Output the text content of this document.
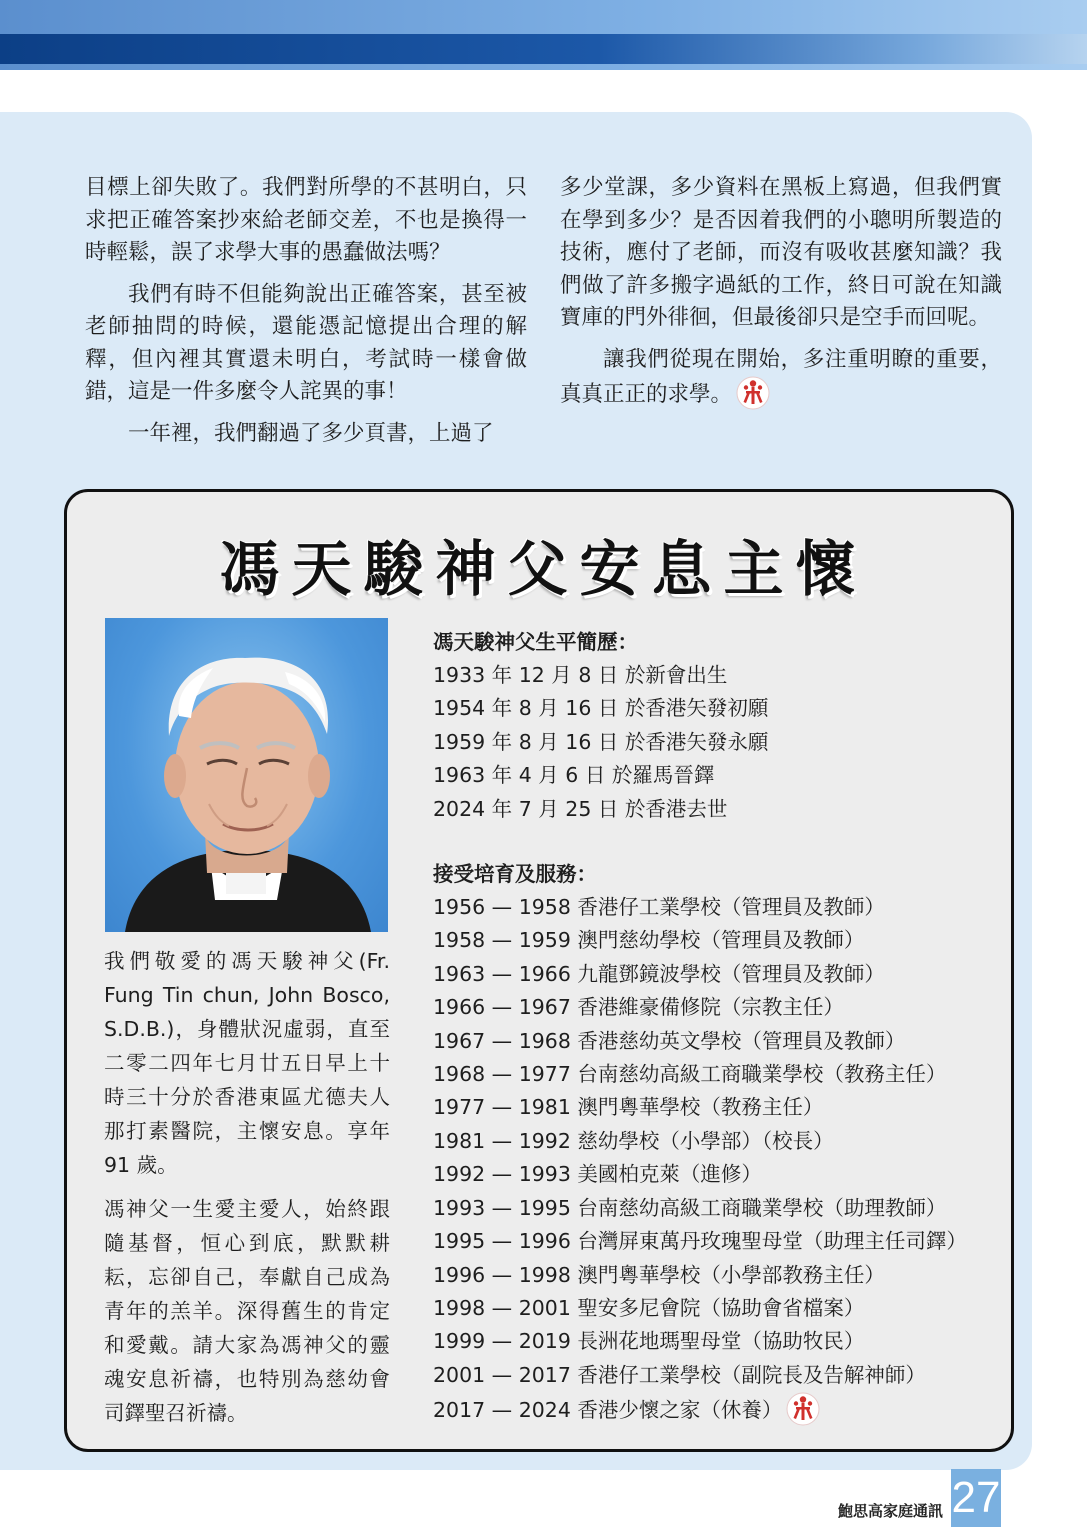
目標上卻失敗了。我們對所學的不甚明白，只求把正確答案抄來給老師交差，不也是換得一時輕鬆，誤了求學大事的愚蠢做法嗎？

我們有時不但能夠說出正確答案，甚至被老師抽問的時候，還能憑記憶提出合理的解釋，但內裡其實還未明白，考試時一樣會做錯，這是一件多麼令人詫異的事！

一年裡，我們翻過了多少頁書，上過了

多少堂課，多少資料在黑板上寫過，但我們實在學到多少？是否因着我們的小聰明所製造的技術，應付了老師，而沒有吸收甚麼知識？我們做了許多搬字過紙的工作，終日可說在知識寶庫的門外徘徊，但最後卻只是空手而回呢。

讓我們從現在開始，多注重明瞭的重要，真真正正的求學。

馮天駿神父安息主懷

我們敬愛的馮天駿神父(Fr. Fung Tin chun, John Bosco, S.D.B.)，身體狀況虛弱，直至二零二四年七月廿五日早上十時三十分於香港東區尤德夫人那打素醫院，主懷安息。享年 91 歲。

馮神父一生愛主愛人，始終跟隨基督，恒心到底，默默耕耘，忘卻自己，奉獻自己成為青年的羔羊。深得舊生的肯定和愛戴。請大家為馮神父的靈魂安息祈禱，也特別為慈幼會司鐸聖召祈禱。

馮天駿神父生平簡歷：
1933 年 12 月 8 日 於新會出生
1954 年 8 月 16 日 於香港矢發初願
1959 年 8 月 16 日 於香港矢發永願
1963 年 4 月 6 日 於羅馬晉鐸
2024 年 7 月 25 日 於香港去世
接受培育及服務：
1956 — 1958 香港仔工業學校（管理員及教師）
1958 — 1959 澳門慈幼學校（管理員及教師）
1963 — 1966 九龍鄧鏡波學校（管理員及教師）
1966 — 1967 香港維豪備修院（宗教主任）
1967 — 1968 香港慈幼英文學校（管理員及教師）
1968 — 1977 台南慈幼高級工商職業學校（教務主任）
1977 — 1981 澳門粵華學校（教務主任）
1981 — 1992 慈幼學校（小學部）（校長）
1992 — 1993 美國柏克萊（進修）
1993 — 1995 台南慈幼高級工商職業學校（助理教師）
1995 — 1996 台灣屏東萬丹玫瑰聖母堂（助理主任司鐸）
1996 — 1998 澳門粵華學校（小學部教務主任）
1998 — 2001 聖安多尼會院（協助會省檔案）
1999 — 2019 長洲花地瑪聖母堂（協助牧民）
2001 — 2017 香港仔工業學校（副院長及告解神師）
2017 — 2024 香港少懷之家（休養）
鮑思高家庭通訊 27
